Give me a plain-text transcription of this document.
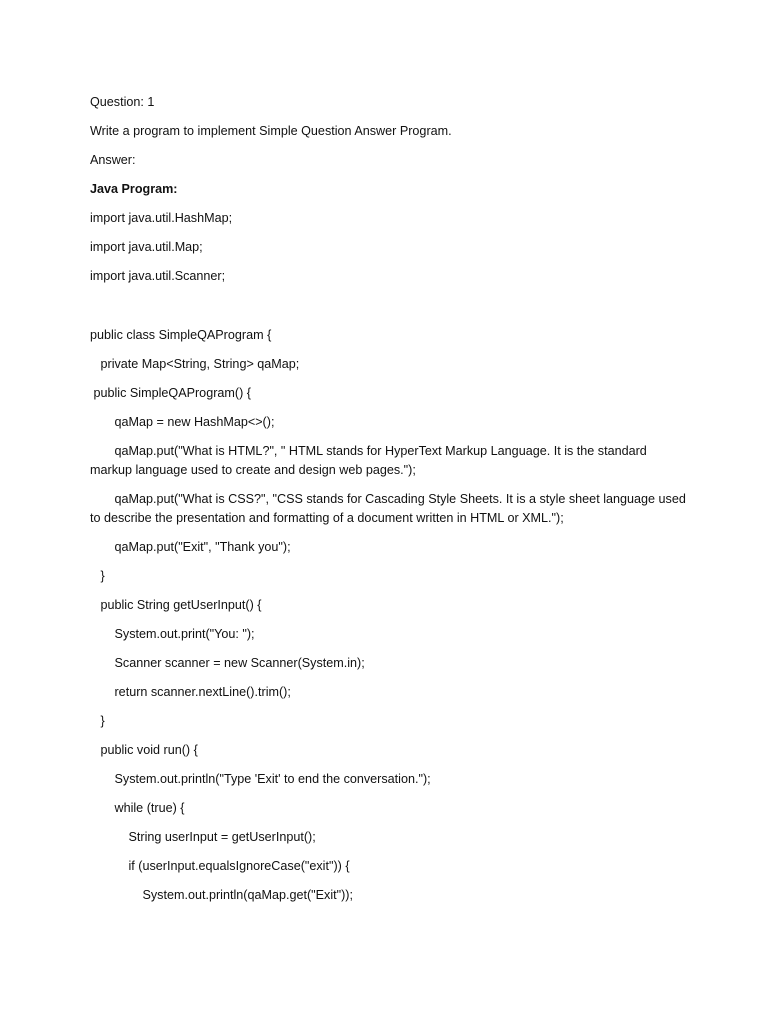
Question: 1

Write a program to implement Simple Question Answer Program.

Answer:

Java Program:

import java.util.HashMap;

import java.util.Map;

import java.util.Scanner;

public class SimpleQAProgram {

private Map<String, String> qaMap;

public SimpleQAProgram() {

qaMap = new HashMap<>();

qaMap.put("What is HTML?", " HTML stands for HyperText Markup Language. It is the standard

markup language used to create and design web pages.");

qaMap.put("What is CSS?", "CSS stands for Cascading Style Sheets. It is a style sheet language used

to describe the presentation and formatting of a document written in HTML or XML.");

qaMap.put("Exit", "Thank you");

}

public String getUserInput() {

System.out.print("You: ");

Scanner scanner = new Scanner(System.in);

return scanner.nextLine().trim();

}

public void run() {

System.out.println("Type 'Exit' to end the conversation.");

while (true) {

String userInput = getUserInput();

if (userInput.equalsIgnoreCase("exit")) {

System.out.println(qaMap.get("Exit"));
